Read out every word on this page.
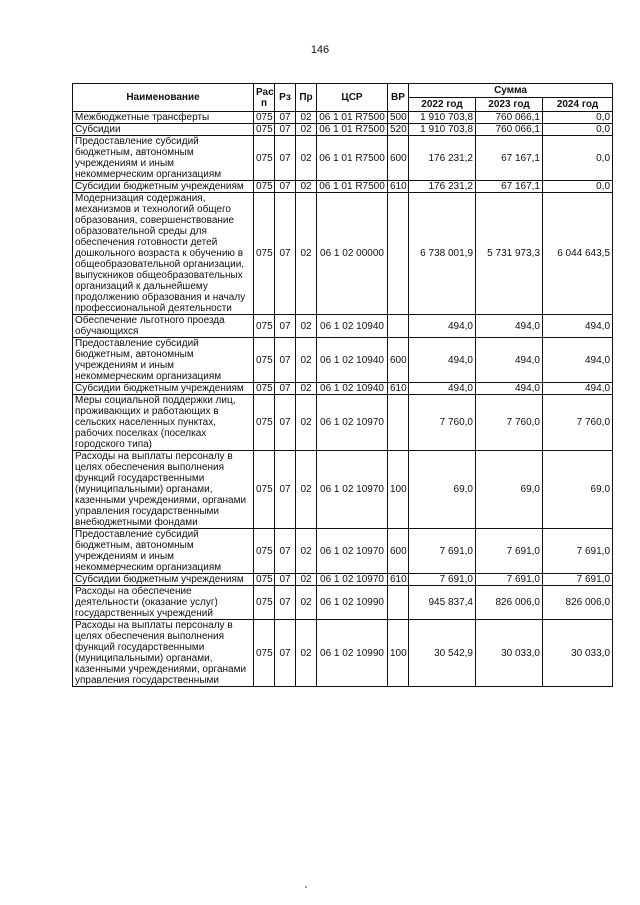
146
Наименование	Рас п	Рз	Пр	ЦСР	ВР	Сумма		
						2022 год	2023 год	2024 год
Межбюджетные трансферты	075	07	02	06 1 01 R7500	500	1 910 703,8	760 066,1	0,0
Субсидии	075	07	02	06 1 01 R7500	520	1 910 703,8	760 066,1	0,0
Предоставление субсидий бюджетным, автономным учреждениям и иным некоммерческим организациям	075	07	02	06 1 01 R7500	600	176 231,2	67 167,1	0,0
Субсидии бюджетным учреждениям	075	07	02	06 1 01 R7500	610	176 231,2	67 167,1	0,0
Модернизация содержания, механизмов и технологий общего образования, совершенствование образовательной среды для обеспечения готовности детей дошкольного возраста к обучению в общеобразовательной организации, выпускников общеобразовательных организаций к дальнейшему продолжению образования и началу профессиональной деятельности	075	07	02	06 1 02 00000		6 738 001,9	5 731 973,3	6 044 643,5
Обеспечение льготного проезда обучающихся	075	07	02	06 1 02 10940		494,0	494,0	494,0
Предоставление субсидий бюджетным, автономным учреждениям и иным некоммерческим организациям	075	07	02	06 1 02 10940	600	494,0	494,0	494,0
Субсидии бюджетным учреждениям	075	07	02	06 1 02 10940	610	494,0	494,0	494,0
Меры социальной поддержки лиц, проживающих и работающих в сельских населенных пунктах, рабочих поселках (поселках городского типа)	075	07	02	06 1 02 10970		7 760,0	7 760,0	7 760,0
Расходы на выплаты персоналу в целях обеспечения выполнения функций государственными (муниципальными) органами, казенными учреждениями, органами управления государственными внебюджетными фондами	075	07	02	06 1 02 10970	100	69,0	69,0	69,0
Предоставление субсидий бюджетным, автономным учреждениям и иным некоммерческим организациям	075	07	02	06 1 02 10970	600	7 691,0	7 691,0	7 691,0
Субсидии бюджетным учреждениям	075	07	02	06 1 02 10970	610	7 691,0	7 691,0	7 691,0
Расходы на обеспечение деятельности (оказание услуг) государственных учреждений	075	07	02	06 1 02 10990		945 837,4	826 006,0	826 006,0
Расходы на выплаты персоналу в целях обеспечения выполнения функций государственными (муниципальными) органами, казенными учреждениями, органами управления государственными	075	07	02	06 1 02 10990	100	30 542,9	30 033,0	30 033,0
